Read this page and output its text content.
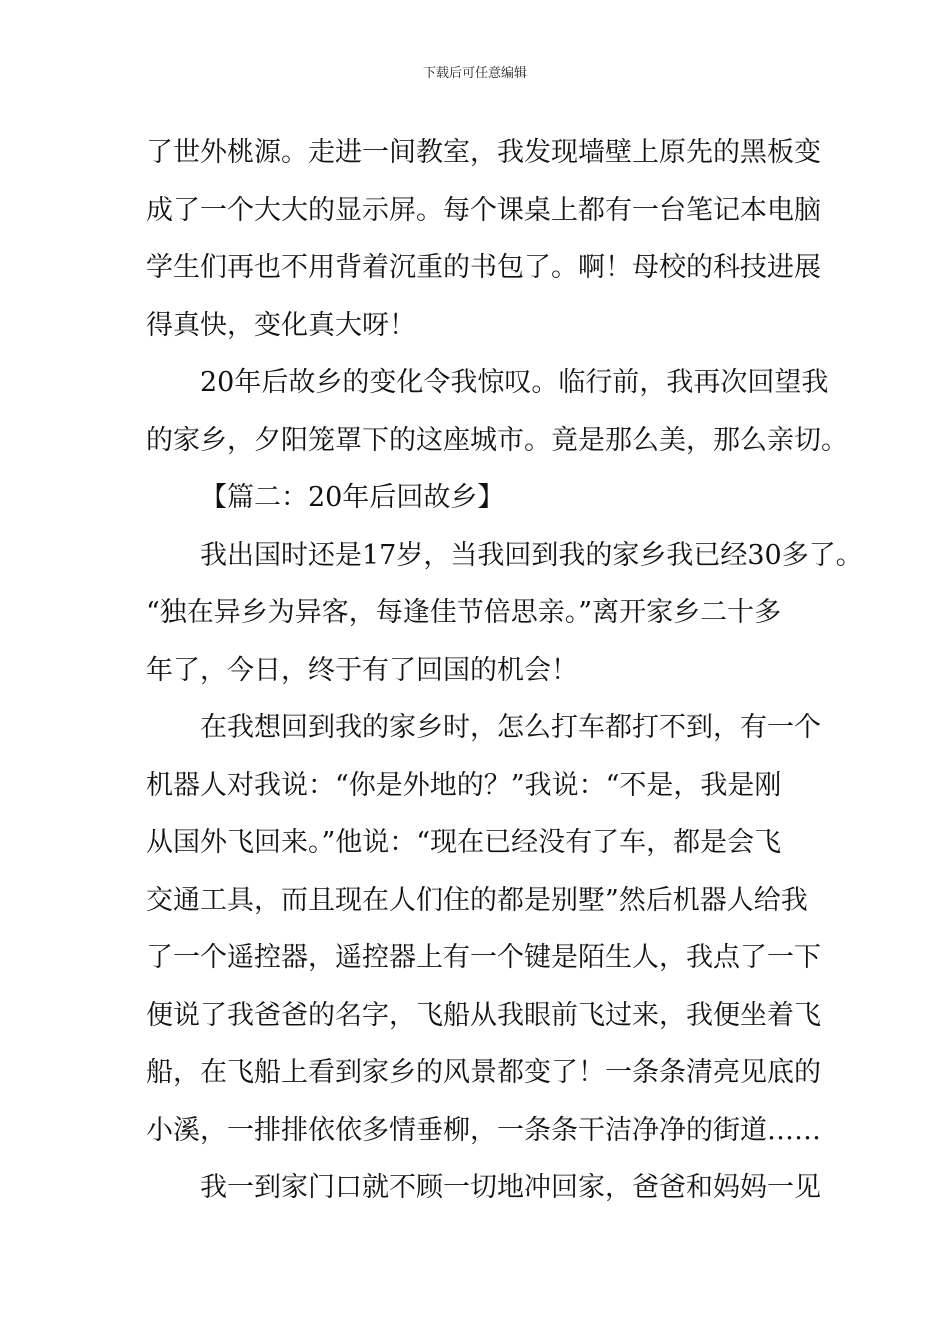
下载后可任意编辑
了世外桃源。走进一间教室，我发现墙壁上原先的黑板变
成了一个大大的显示屏。每个课桌上都有一台笔记本电脑
学生们再也不用背着沉重的书包了。啊！母校的科技进展
得真快，变化真大呀！
20年后故乡的变化令我惊叹。临行前，我再次回望我
的家乡，夕阳笼罩下的这座城市。竟是那么美，那么亲切。
【篇二：20年后回故乡】
我出国时还是17岁，当我回到我的家乡我已经30多了。
“独在异乡为异客，每逢佳节倍思亲。”离开家乡二十多
年了，今日，终于有了回国的机会！
在我想回到我的家乡时，怎么打车都打不到，有一个
机器人对我说：“你是外地的？”我说：“不是，我是刚
从国外飞回来。”他说：“现在已经没有了车，都是会飞
交通工具，而且现在人们住的都是别墅”然后机器人给我
了一个遥控器，遥控器上有一个键是陌生人，我点了一下
便说了我爸爸的名字，飞船从我眼前飞过来，我便坐着飞
船，在飞船上看到家乡的风景都变了！一条条清亮见底的
小溪，一排排依依多情垂柳，一条条干洁净净的街道……
我一到家门口就不顾一切地冲回家，爸爸和妈妈一见
